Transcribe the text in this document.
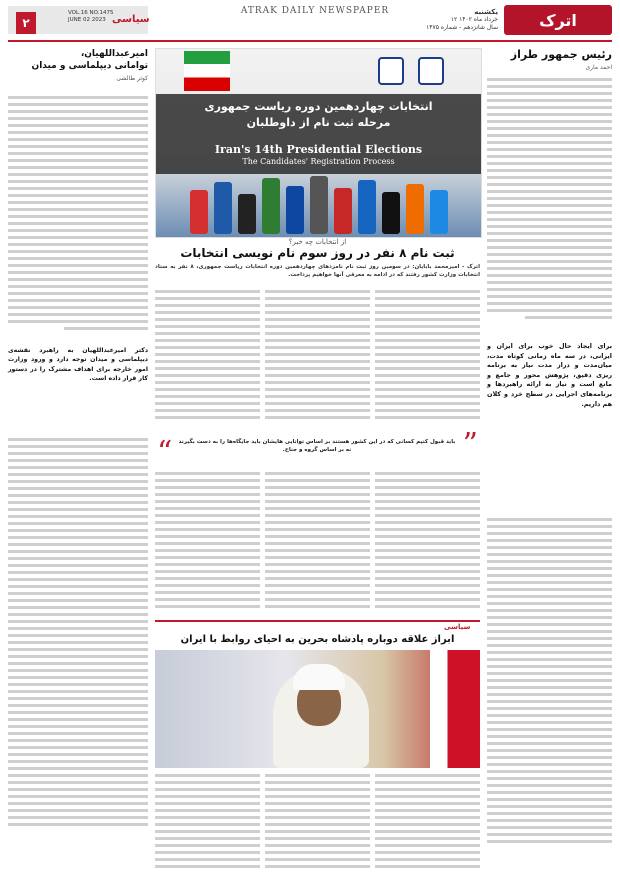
اترک
یکشنبه
۱۲ خرداد ماه ۱۴۰۲
سال شانزدهم - شماره ۱۴۷۵
ATRAK DAILY NEWSPAPER
۲
VOL.16 NO.1475
JUNE 02 2023 سیاسی
رئیس جمهور طراز
احمد ماری
برای ایجاد حال خوب برای ایران و ایرانی، در سه ماه زمانی کوتاه مدت، میان‌مدت و دراز مدت نیاز به برنامه ریزی دقیق، پژوهش محور و جامع و مانع است و نیاز به ارائه راهبردها و برنامه‌های اجرایی در سطح خرد و کلان هم داریم.
امیرعبداللهیان،
توامانی دیپلماسی و میدان
کوثر طالشی
دکتر امیرعبداللهیان به راهبرد نقشه‌ی دیپلماسی و میدان توجه دارد و ورود وزارت امور خارجه برای اهداف مشترک را در دستور کار قرار داده است.
انتخابات چهاردهمین دوره ریاست جمهوری
مرحله ثبت نام از داوطلبان
Iran's 14th Presidential Elections
The Candidates' Registration Process
از انتخابات چه خبر؟
ثبت نام ۸ نفر در روز سوم نام نویسی انتخابات
اترک - امیرمحمد بابایان: در سومین روز ثبت نام نامزدهای چهاردهمین دوره انتخابات ریاست جمهوری، ۸ نفر به ستاد انتخابات وزارت کشور رفتند که در ادامه به معرفی آنها خواهیم پرداخت.
”
“ باید قبول کنیم کسانی که در این کشور هستند بر اساس توانایی هایشان باید جایگاه‌ها را به دست بگیرند نه بر اساس گروه و جناح.
سیاسی
ابراز علاقه دوباره پادشاه بحرین به احیای روابط با ایران
